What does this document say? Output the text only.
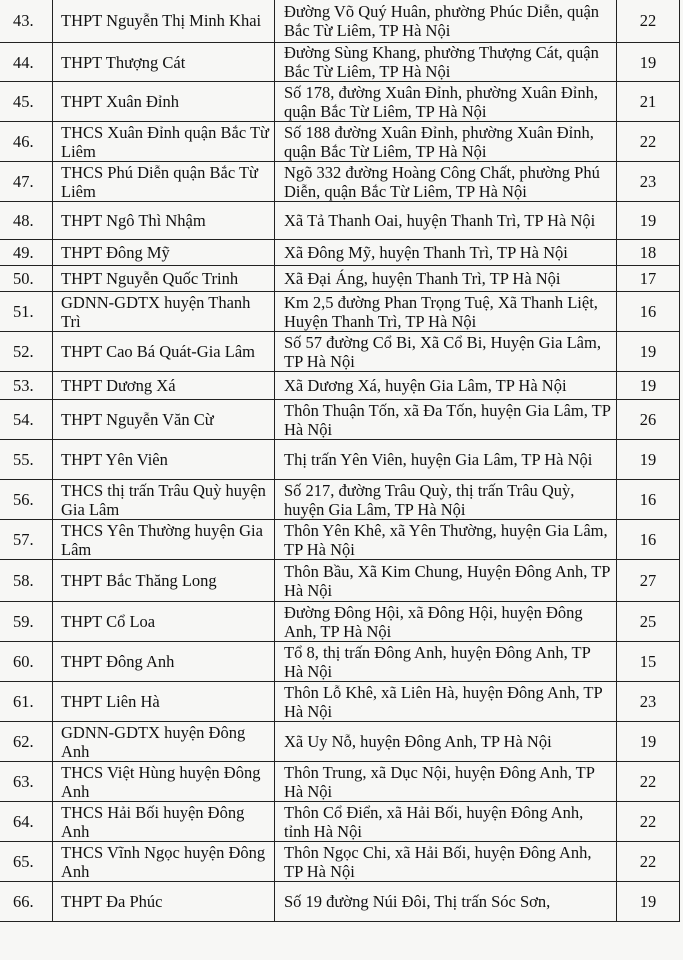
43.	THPT Nguyễn Thị Minh Khai	Đường Võ Quý Huân, phường Phúc Diễn, quận Bắc Từ Liêm, TP Hà Nội	22
44.	THPT Thượng Cát	Đường Sùng Khang, phường Thượng Cát, quận Bắc Từ Liêm, TP Hà Nội	19
45.	THPT Xuân Đỉnh	Số 178, đường Xuân Đỉnh, phường Xuân Đỉnh, quận Bắc Từ Liêm, TP Hà Nội	21
46.	THCS Xuân Đỉnh quận Bắc Từ Liêm	Số 188 đường Xuân Đỉnh, phường Xuân Đỉnh, quận Bắc Từ Liêm, TP Hà Nội	22
47.	THCS Phú Diễn quận Bắc Từ Liêm	Ngõ 332 đường Hoàng Công Chất, phường Phú Diễn, quận Bắc Từ Liêm, TP Hà Nội	23
48.	THPT Ngô Thì Nhậm	Xã Tả Thanh Oai, huyện Thanh Trì, TP Hà Nội	19
49.	THPT Đông Mỹ	Xã Đông Mỹ, huyện Thanh Trì, TP Hà Nội	18
50.	THPT Nguyễn Quốc Trinh	Xã Đại Áng, huyện Thanh Trì, TP Hà Nội	17
51.	GDNN-GDTX huyện Thanh Trì	Km 2,5 đường Phan Trọng Tuệ, Xã Thanh Liệt, Huyện Thanh Trì, TP Hà Nội	16
52.	THPT Cao Bá Quát-Gia Lâm	Số 57 đường Cổ Bi, Xã Cổ Bi, Huyện Gia Lâm, TP Hà Nội	19
53.	THPT Dương Xá	Xã Dương Xá, huyện Gia Lâm, TP Hà Nội	19
54.	THPT Nguyễn Văn Cừ	Thôn Thuận Tốn, xã Đa Tốn, huyện Gia Lâm, TP Hà Nội	26
55.	THPT Yên Viên	Thị trấn Yên Viên, huyện Gia Lâm, TP Hà Nội	19
56.	THCS thị trấn Trâu Quỳ huyện Gia Lâm	Số 217, đường Trâu Quỳ, thị trấn Trâu Quỳ, huyện Gia Lâm, TP Hà Nội	16
57.	THCS Yên Thường huyện Gia Lâm	Thôn Yên Khê, xã Yên Thường, huyện Gia Lâm, TP Hà Nội	16
58.	THPT Bắc Thăng Long	Thôn Bầu, Xã Kim Chung, Huyện Đông Anh, TP Hà Nội	27
59.	THPT Cổ Loa	Đường Đông Hội, xã Đông Hội, huyện Đông Anh, TP Hà Nội	25
60.	THPT Đông Anh	Tổ 8, thị trấn Đông Anh, huyện Đông Anh, TP Hà Nội	15
61.	THPT Liên Hà	Thôn Lỗ Khê, xã Liên Hà, huyện Đông Anh, TP Hà Nội	23
62.	GDNN-GDTX huyện Đông Anh	Xã Uy Nỗ, huyện Đông Anh, TP Hà Nội	19
63.	THCS Việt Hùng huyện Đông Anh	Thôn Trung, xã Dục Nội, huyện Đông Anh, TP Hà Nội	22
64.	THCS Hải Bối huyện Đông Anh	Thôn Cổ Điển, xã Hải Bối, huyện Đông Anh, tỉnh Hà Nội	22
65.	THCS Vĩnh Ngọc huyện Đông Anh	Thôn Ngọc Chi, xã Hải Bối, huyện Đông Anh, TP Hà Nội	22
66.	THPT Đa Phúc	Số 19 đường Núi Đôi, Thị trấn Sóc Sơn,	19
